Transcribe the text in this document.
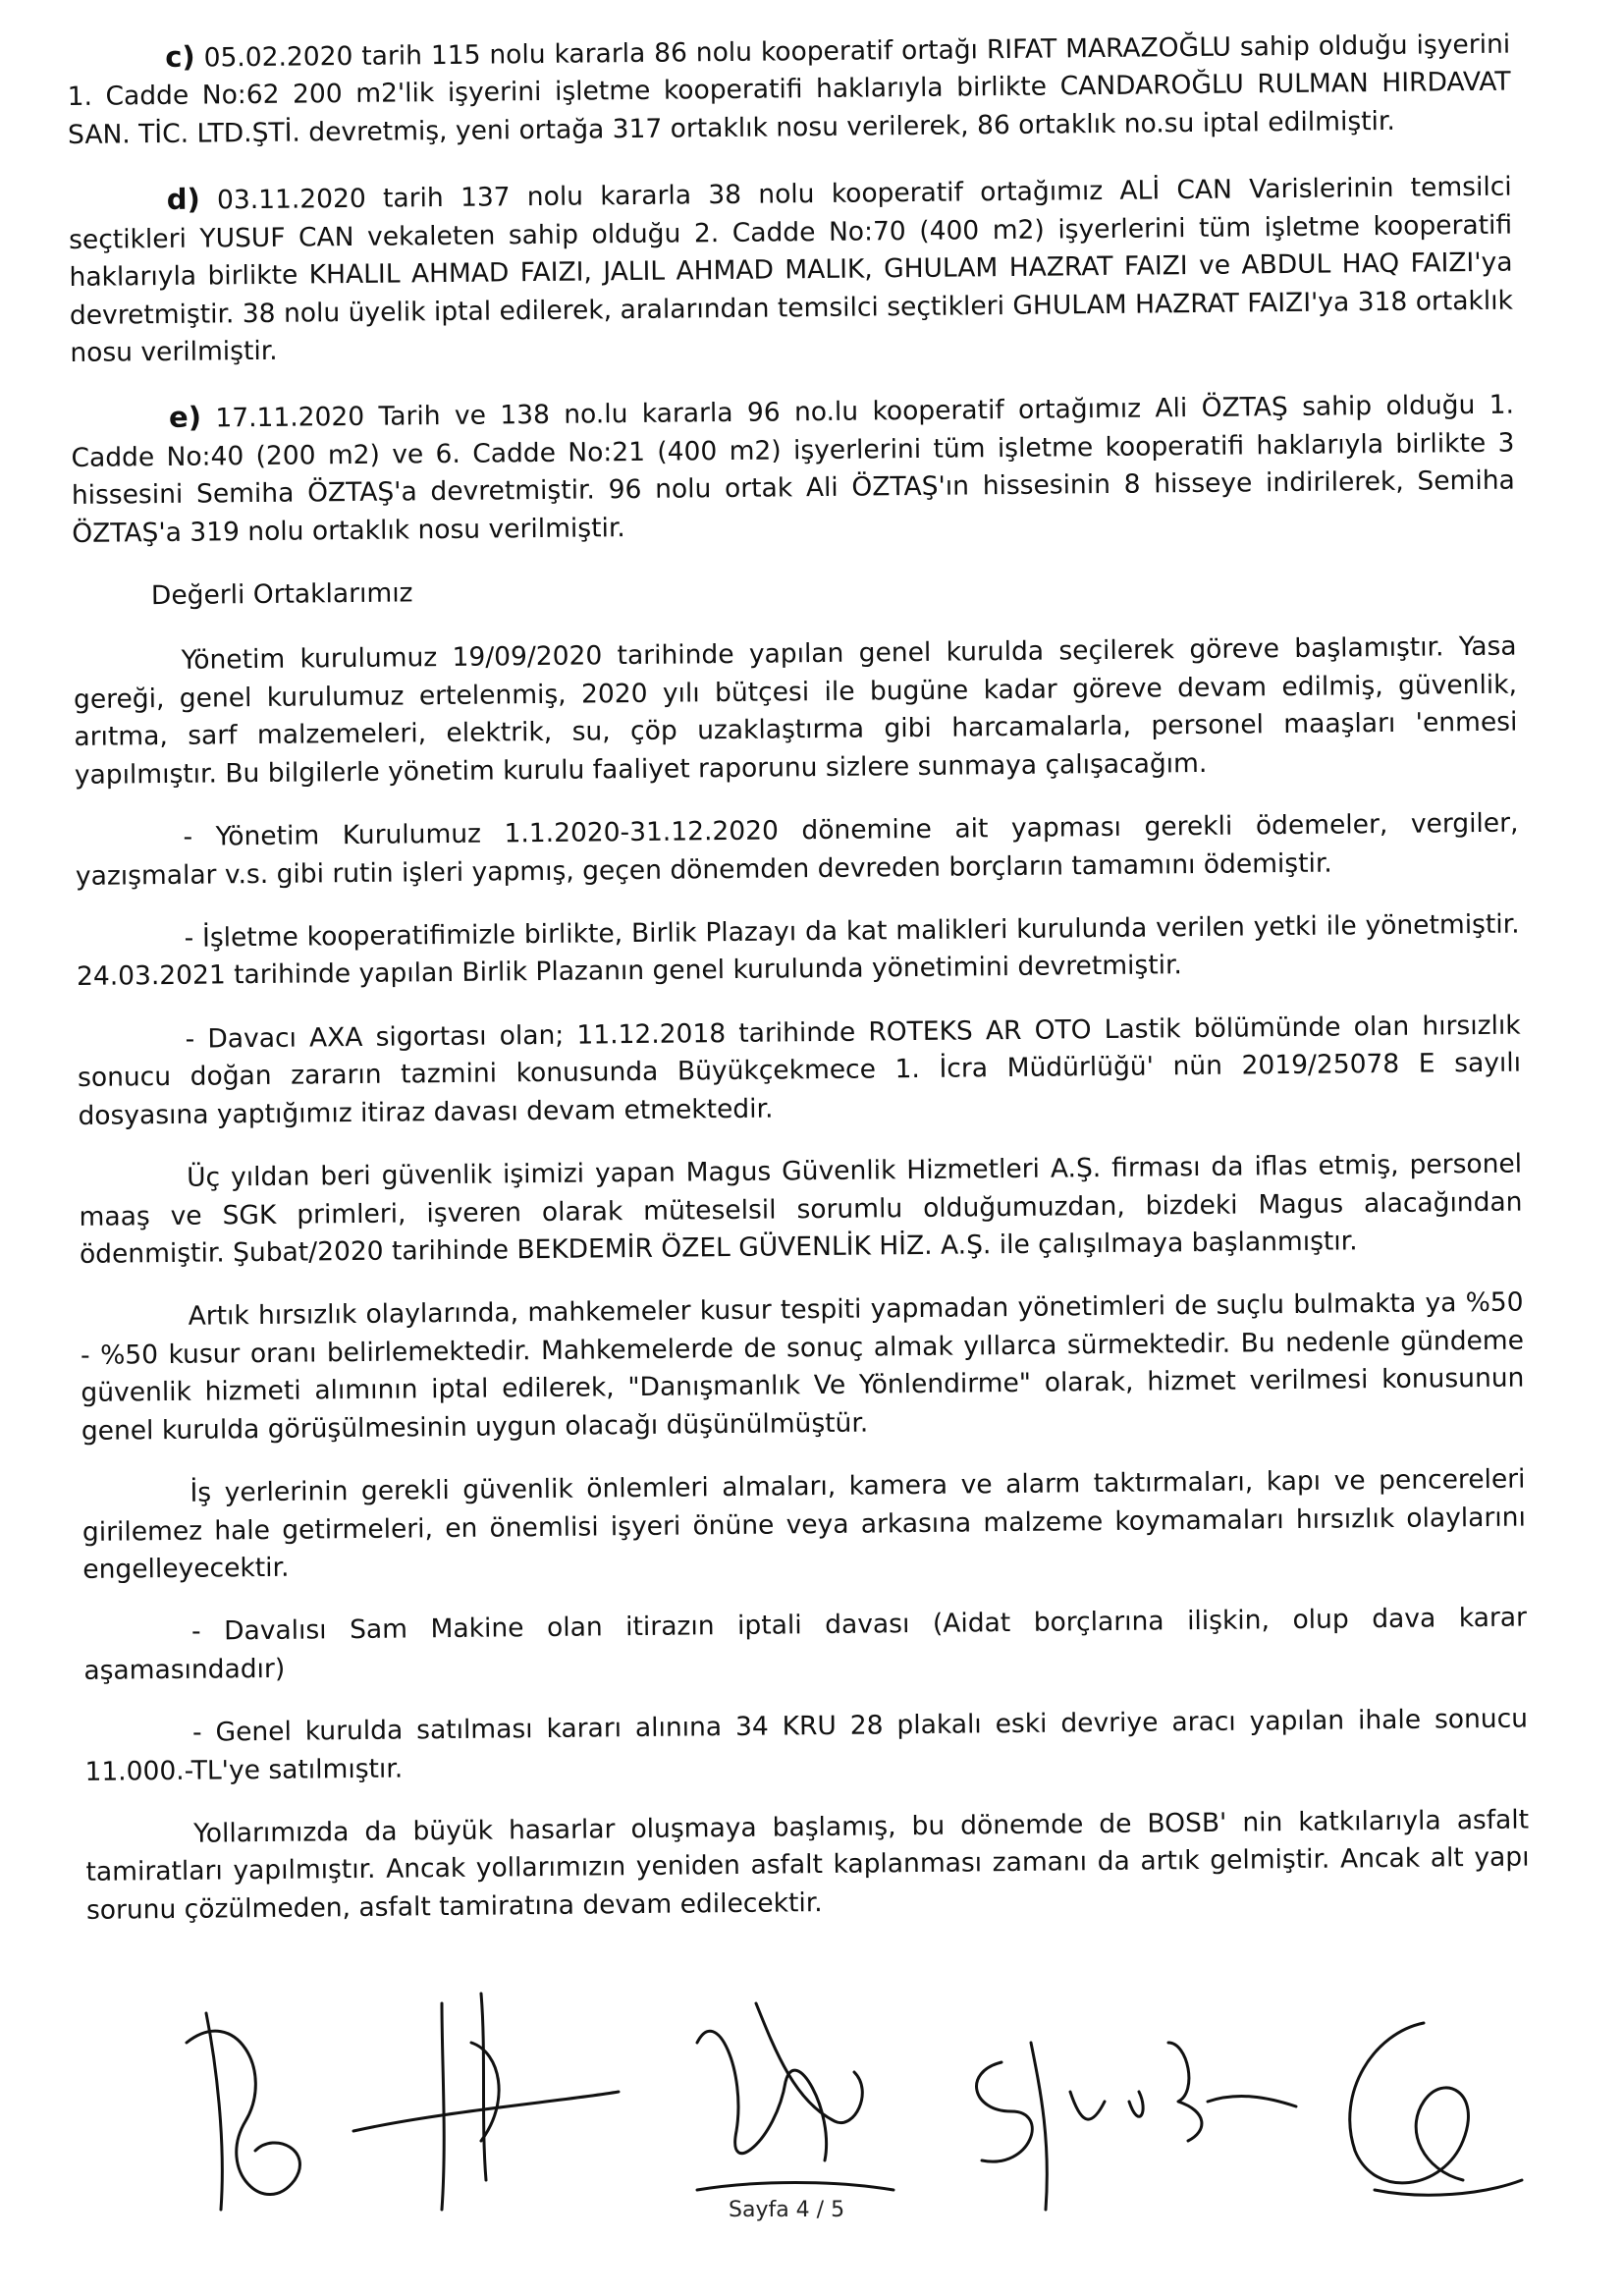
c) 05.02.2020 tarih 115 nolu kararla 86 nolu kooperatif ortağı RIFAT MARAZOĞLU sahip olduğu işyerini 1. Cadde No:62 200 m2'lik işyerini işletme kooperatifi haklarıyla birlikte CANDAROĞLU RULMAN HIRDAVAT SAN. TİC. LTD.ŞTİ. devretmiş, yeni ortağa 317 ortaklık nosu verilerek, 86 ortaklık no.su iptal edilmiştir.

d) 03.11.2020 tarih 137 nolu kararla 38 nolu kooperatif ortağımız ALİ CAN Varislerinin temsilci seçtikleri YUSUF CAN vekaleten sahip olduğu 2. Cadde No:70 (400 m2) işyerlerini tüm işletme kooperatifi haklarıyla birlikte KHALIL AHMAD FAIZI, JALIL AHMAD MALIK, GHULAM HAZRAT FAIZI ve ABDUL HAQ FAIZI'ya devretmiştir. 38 nolu üyelik iptal edilerek, aralarından temsilci seçtikleri GHULAM HAZRAT FAIZI'ya 318 ortaklık nosu verilmiştir.

e) 17.11.2020 Tarih ve 138 no.lu kararla 96 no.lu kooperatif ortağımız Ali ÖZTAŞ sahip olduğu 1. Cadde No:40 (200 m2) ve 6. Cadde No:21 (400 m2) işyerlerini tüm işletme kooperatifi haklarıyla birlikte 3 hissesini Semiha ÖZTAŞ'a devretmiştir. 96 nolu ortak Ali ÖZTAŞ'ın hissesinin 8 hisseye indirilerek, Semiha ÖZTAŞ'a 319 nolu ortaklık nosu verilmiştir.

Değerli Ortaklarımız

Yönetim kurulumuz 19/09/2020 tarihinde yapılan genel kurulda seçilerek göreve başlamıştır. Yasa gereği, genel kurulumuz ertelenmiş, 2020 yılı bütçesi ile bugüne kadar göreve devam edilmiş, güvenlik, arıtma, sarf malzemeleri, elektrik, su, çöp uzaklaştırma gibi harcamalarla, personel maaşları 'enmesi yapılmıştır. Bu bilgilerle yönetim kurulu faaliyet raporunu sizlere sunmaya çalışacağım.

- Yönetim Kurulumuz 1.1.2020-31.12.2020 dönemine ait yapması gerekli ödemeler, vergiler, yazışmalar v.s. gibi rutin işleri yapmış, geçen dönemden devreden borçların tamamını ödemiştir.

- İşletme kooperatifimizle birlikte, Birlik Plazayı da kat malikleri kurulunda verilen yetki ile yönetmiştir. 24.03.2021 tarihinde yapılan Birlik Plazanın genel kurulunda yönetimini devretmiştir.

- Davacı AXA sigortası olan; 11.12.2018 tarihinde ROTEKS AR OTO Lastik bölümünde olan hırsızlık sonucu doğan zararın tazmini konusunda Büyükçekmece 1. İcra Müdürlüğü' nün 2019/25078 E sayılı dosyasına yaptığımız itiraz davası devam etmektedir.

Üç yıldan beri güvenlik işimizi yapan Magus Güvenlik Hizmetleri A.Ş. firması da iflas etmiş, personel maaş ve SGK primleri, işveren olarak müteselsil sorumlu olduğumuzdan, bizdeki Magus alacağından ödenmiştir. Şubat/2020 tarihinde BEKDEMİR ÖZEL GÜVENLİK HİZ. A.Ş. ile çalışılmaya başlanmıştır.

Artık hırsızlık olaylarında, mahkemeler kusur tespiti yapmadan yönetimleri de suçlu bulmakta ya %50 - %50 kusur oranı belirlemektedir. Mahkemelerde de sonuç almak yıllarca sürmektedir. Bu nedenle gündeme güvenlik hizmeti alımının iptal edilerek, "Danışmanlık Ve Yönlendirme" olarak, hizmet verilmesi konusunun genel kurulda görüşülmesinin uygun olacağı düşünülmüştür.

İş yerlerinin gerekli güvenlik önlemleri almaları, kamera ve alarm taktırmaları, kapı ve pencereleri girilemez hale getirmeleri, en önemlisi işyeri önüne veya arkasına malzeme koymamaları hırsızlık olaylarını engelleyecektir.

- Davalısı Sam Makine olan itirazın iptali davası (Aidat borçlarına ilişkin, olup dava karar aşamasındadır)

- Genel kurulda satılması kararı alınına 34 KRU 28 plakalı eski devriye aracı yapılan ihale sonucu 11.000.-TL'ye satılmıştır.

Yollarımızda da büyük hasarlar oluşmaya başlamış, bu dönemde de BOSB' nin katkılarıyla asfalt tamiratları yapılmıştır. Ancak yollarımızın yeniden asfalt kaplanması zamanı da artık gelmiştir. Ancak alt yapı sorunu çözülmeden, asfalt tamiratına devam edilecektir.

Sayfa 4 / 5
